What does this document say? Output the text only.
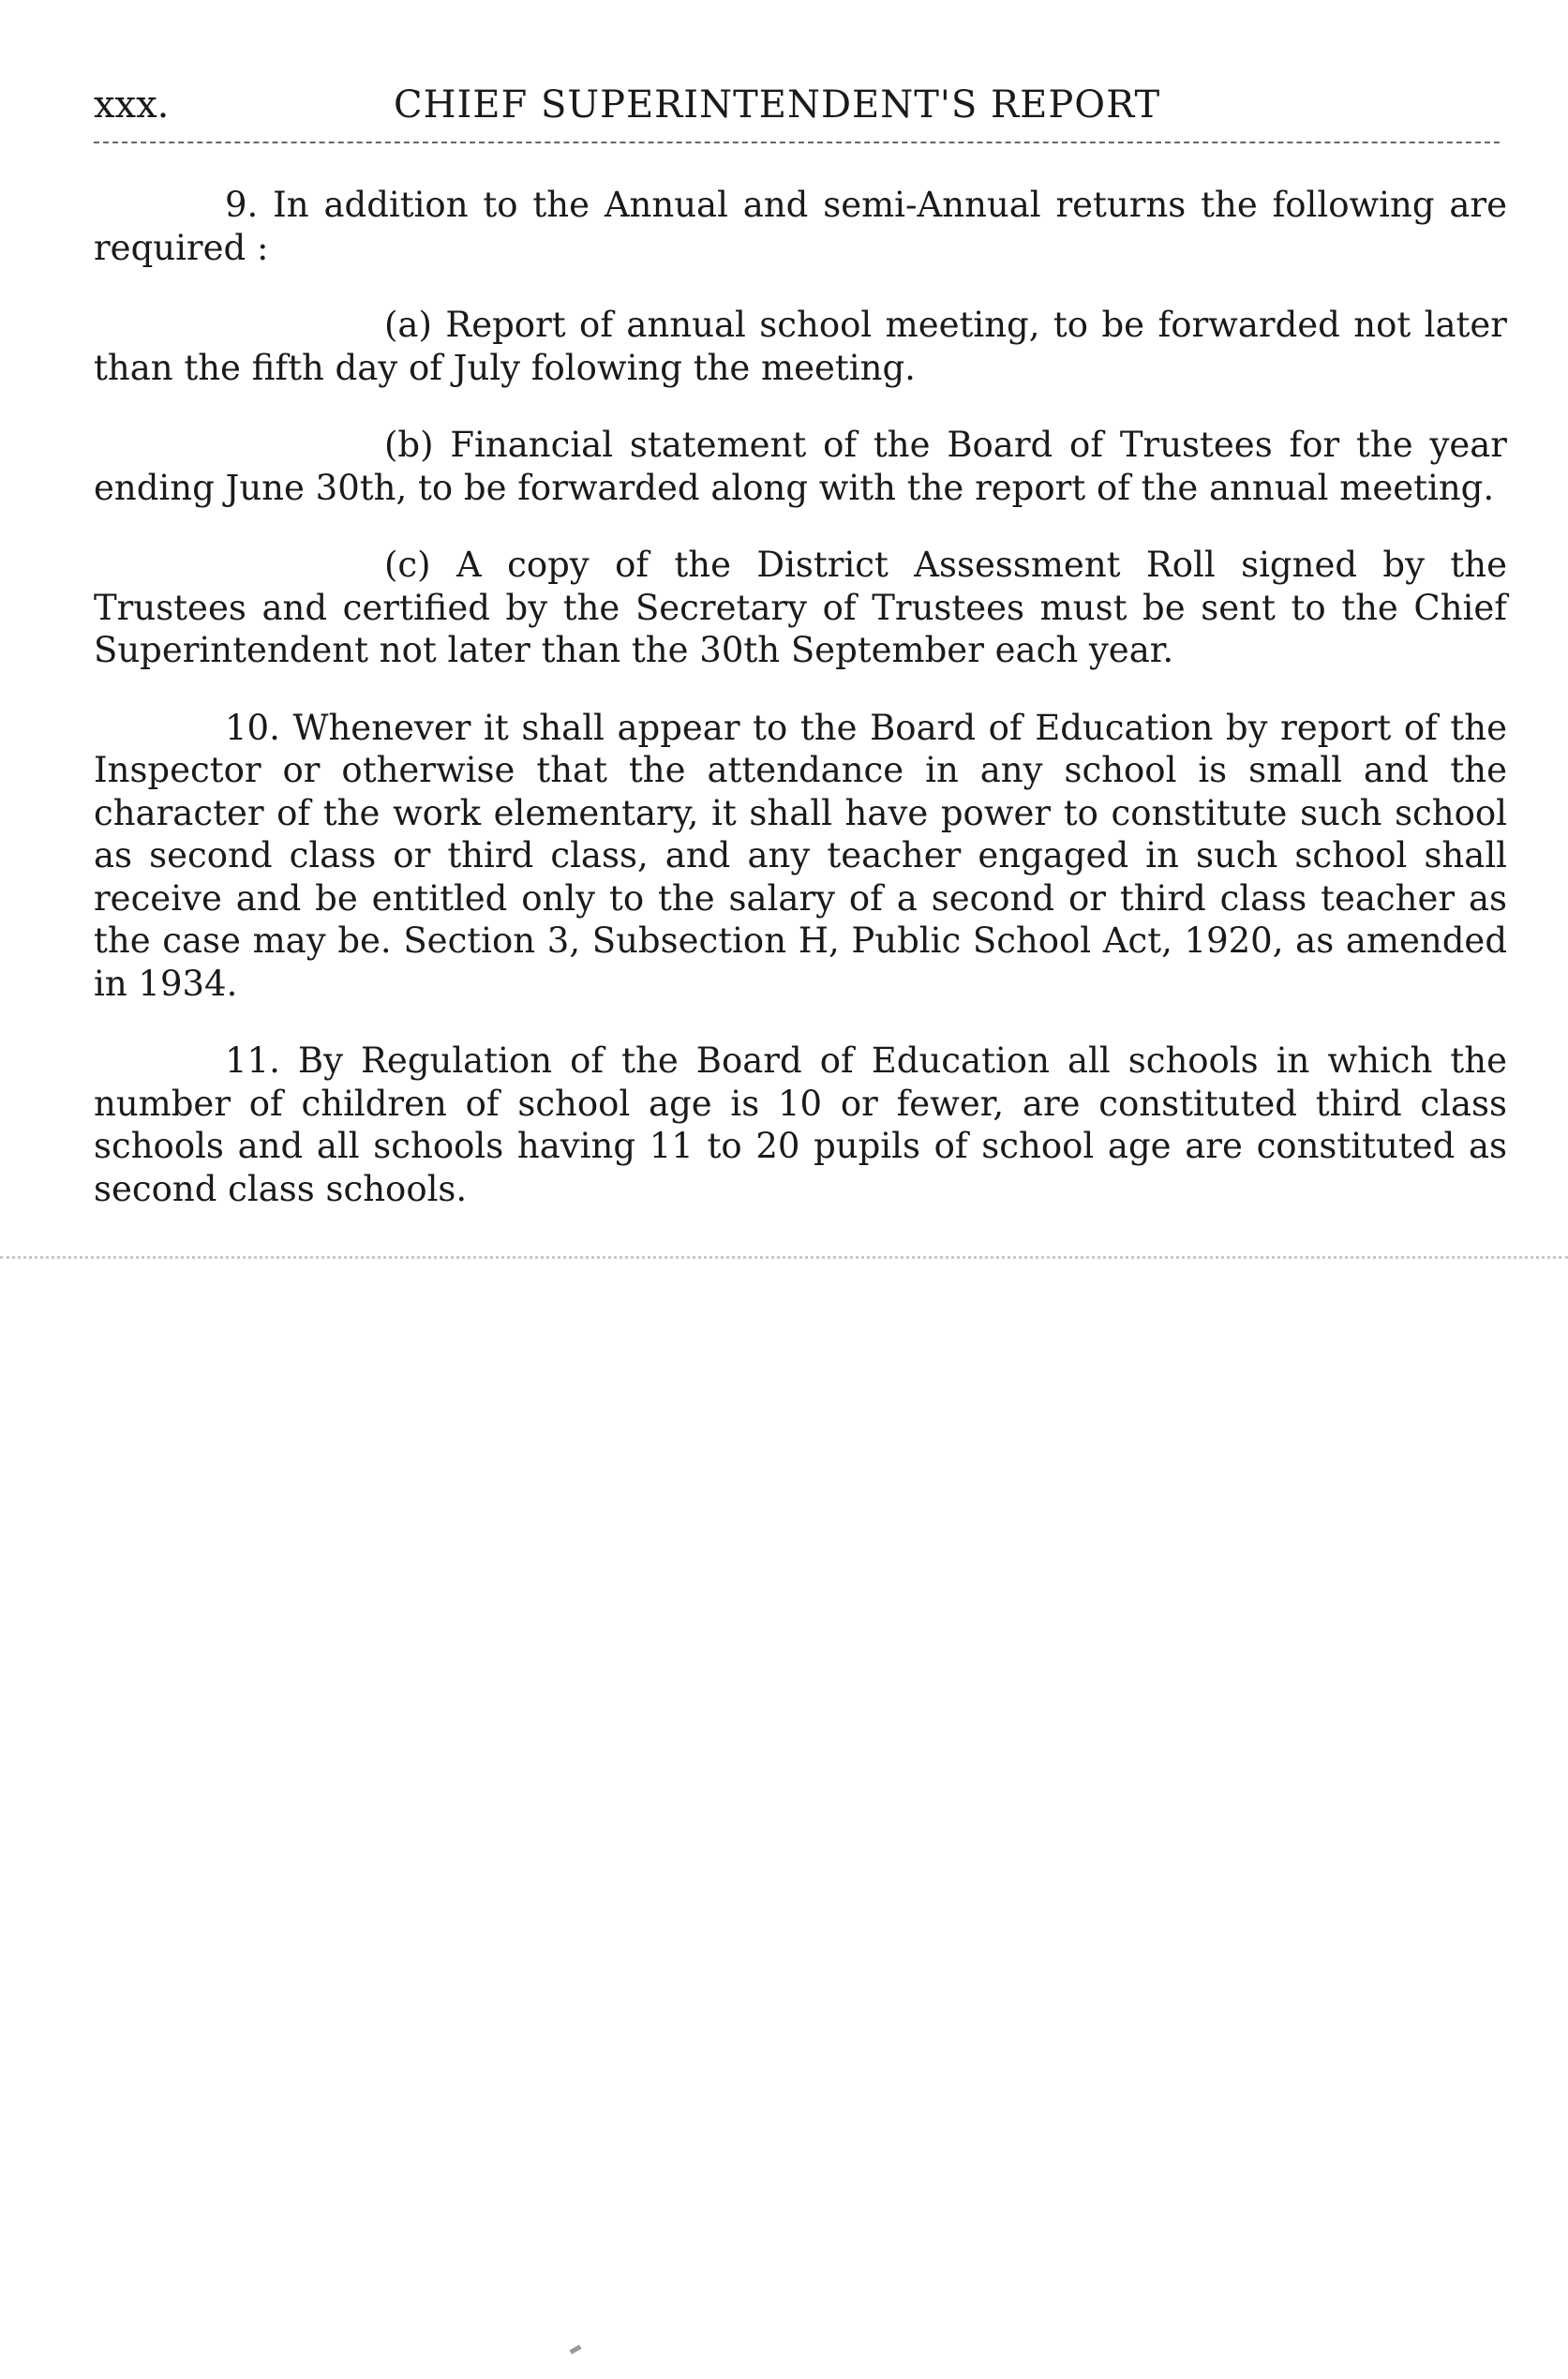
xxx.	CHIEF SUPERINTENDENT'S REPORT

9. In addition to the Annual and semi-Annual returns the following are required :

(a) Report of annual school meeting, to be forwarded not later than the fifth day of July folowing the meeting.

(b) Financial statement of the Board of Trustees for the year ending June 30th, to be forwarded along with the report of the annual meeting.

(c) A copy of the District Assessment Roll signed by the Trustees and certified by the Secretary of Trustees must be sent to the Chief Superintendent not later than the 30th September each year.

10. Whenever it shall appear to the Board of Education by report of the Inspector or otherwise that the attendance in any school is small and the character of the work elementary, it shall have power to constitute such school as second class or third class, and any teacher engaged in such school shall receive and be entitled only to the salary of a second or third class teacher as the case may be. Section 3, Subsection H, Public School Act, 1920, as amended in 1934.

11. By Regulation of the Board of Education all schools in which the number of children of school age is 10 or fewer, are constituted third class schools and all schools having 11 to 20 pupils of school age are constituted as second class schools.
